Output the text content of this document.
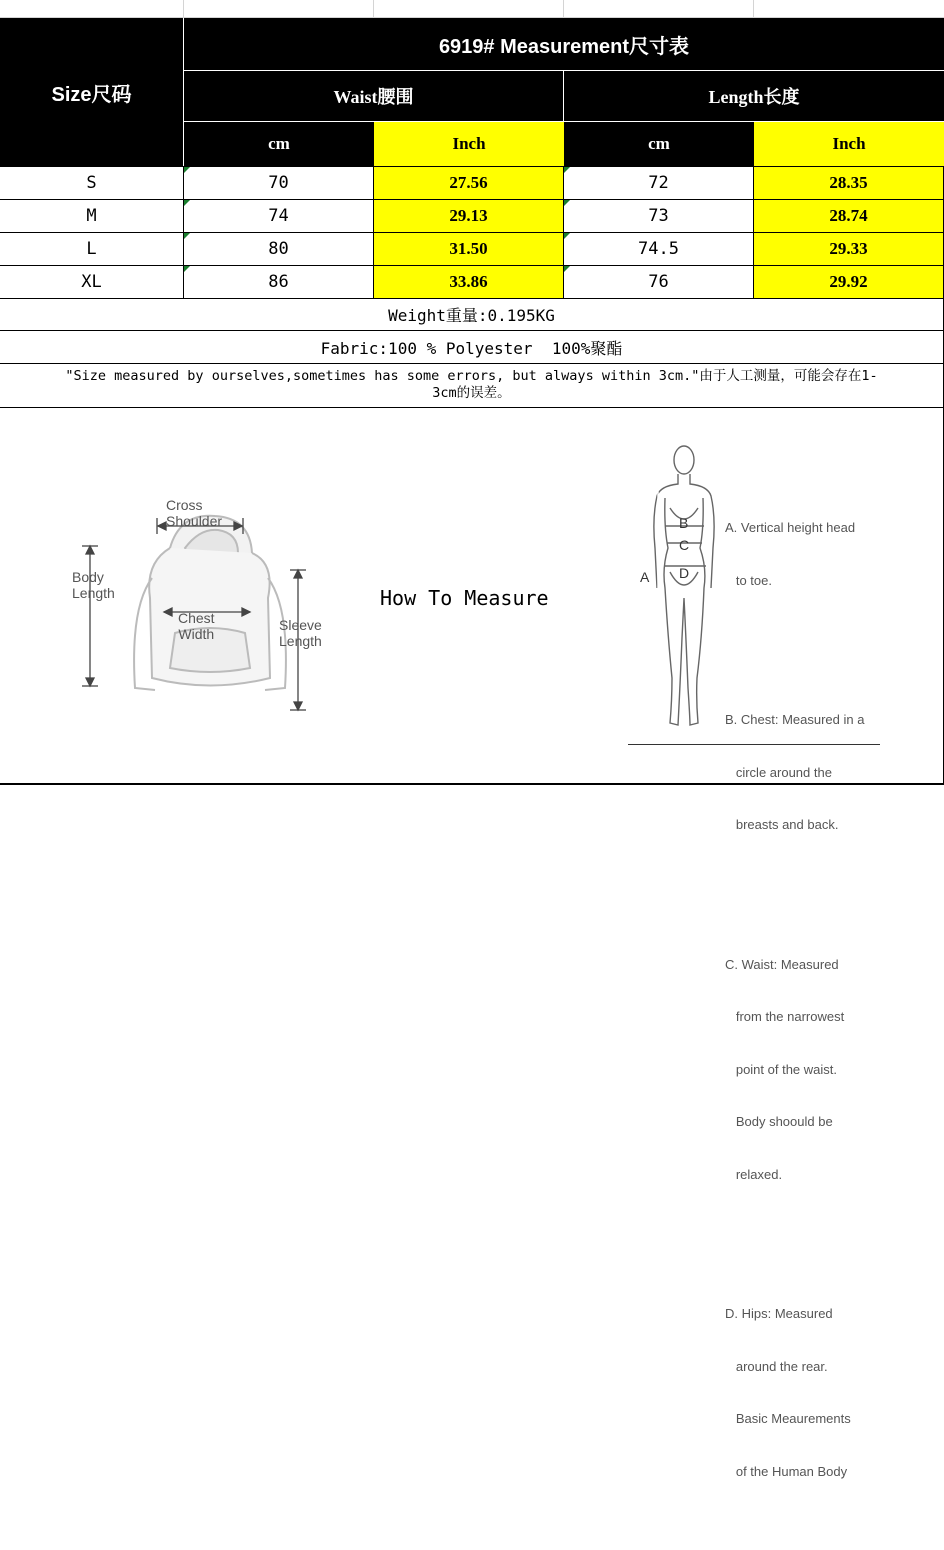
Size尺码
6919# Measurement尺寸表
Waist腰围	Length长度
cm	Inch	cm	Inch
S	70	27.56	72	28.35
M	74	29.13	73	28.74
L	80	31.50	74.5	29.33
XL	86	33.86	76	29.92
Weight重量:0.195KG
Fabric:100 % Polyester  100%聚酯
"Size measured by ourselves,sometimes has some errors, but always within 3cm."由于人工测量，可能会存在1-
3cm的误差。
Cross
Shoulder
Body
Length
Chest
Width
Sleeve
Length
How To Measure
A
B
C
D

A. Vertical height head

to toe.

B. Chest: Measured in a

circle around the

breasts and back.

C. Waist: Measured

from the narrowest

point of the waist.

Body shoould be

relaxed.

D. Hips: Measured

around the rear.

Basic Meaurements

of the Human Body
